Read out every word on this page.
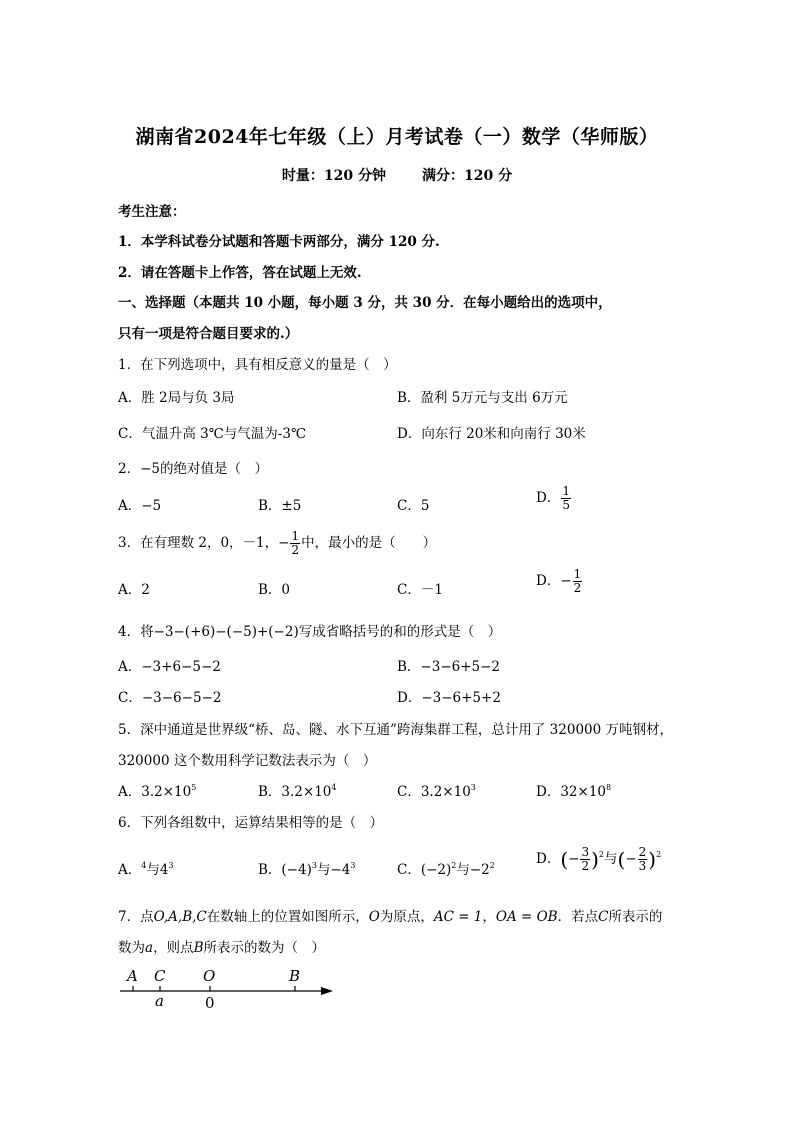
湖南省2024年七年级（上）月考试卷（一）数学（华师版）
时量：120 分钟	满分：120 分
考生注意：
1．本学科试卷分试题和答题卡两部分，满分 120 分.
2．请在答题卡上作答，答在试题上无效.
一、选择题（本题共 10 小题，每小题 3 分，共 30 分．在每小题给出的选项中，
只有一项是符合题目要求的.）
1．在下列选项中，具有相反意义的量是（　）
A．胜 2局与负 3局	B．盈利 5万元与支出 6万元
C．气温升高 3℃与气温为-3℃	D．向东行 20米和向南行 30米
2．−5的绝对值是（　）
A．−5	B．±5	C．5	D． $\frac{1}{5}$
3．在有理数 2，0，－1，− $\frac{1}{2}$ 中，最小的是（　　）
A．2	B．0	C．－1
D．− $\frac{1}{2}$
4．将−3−(+6)−(−5)+(−2)写成省略括号的和的形式是（　）
A．−3+6−5−2	B．−3−6+5−2
C．−3−6−5−2	D．−3−6+5+2
5．深中通道是世界级“桥、岛、隧、水下互通”跨海集群工程，总计用了 320000 万吨钢材，
320000 这个数用科学记数法表示为（　）
A．$3.2\times 10^5$	B．$3.2\times 10^4$	C．$3.2\times 10^3$	D．$32\times 10^8$
6．下列各组数中，运算结果相等的是（　）
A．$^4$与$4^3$	B．$(-4)^3$与$-4^3$	C．$(-2)^2$与$-2^2$	D．(− $\frac{3}{2} )^2$与(− $\frac{2}{3} )^2$
7．点O,A,B,C在数轴上的位置如图所示，O为原点，AC = 1，OA = OB．若点C所表示的
数为a，则点B所表示的数为（　）
A C	O	B
a	0
